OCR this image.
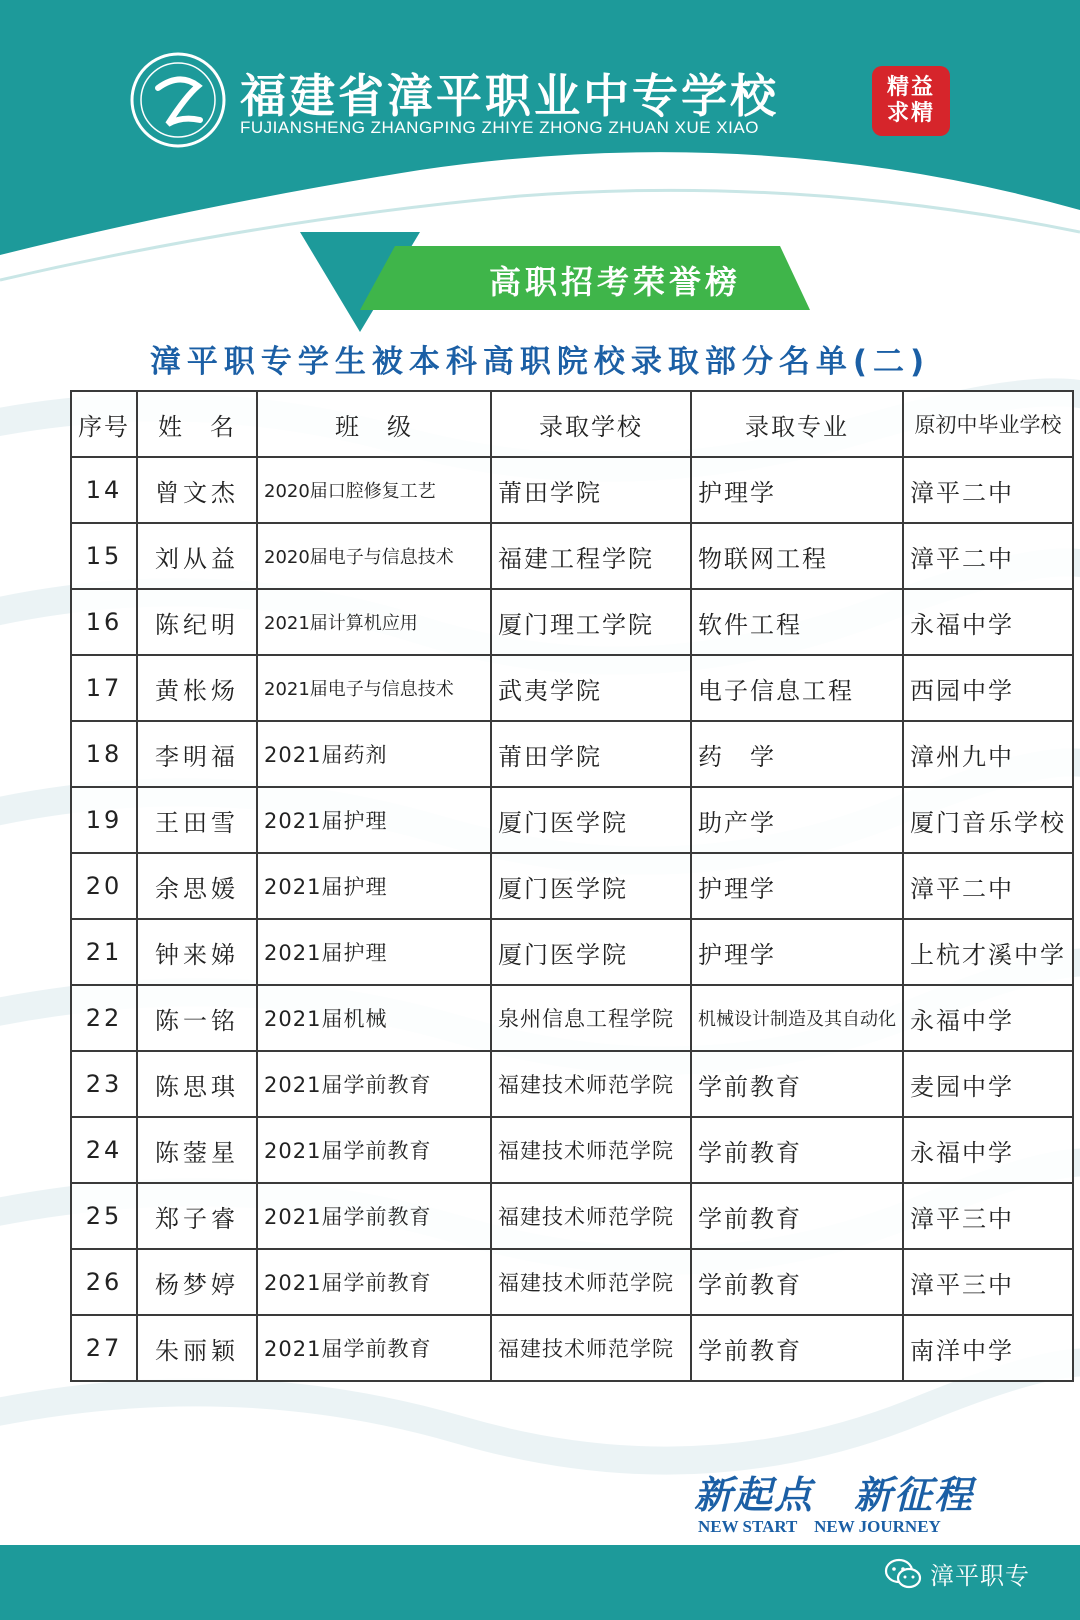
福建省漳平职业中专学校
FUJIANSHENG ZHANGPING ZHIYE ZHONG ZHUAN XUE XIAO
精益
求精
高职招考荣誉榜
漳平职专学生被本科高职院校录取部分名单(二)
序号	姓　名	班　级	录取学校	录取专业	原初中毕业学校
14	曾文杰	2020届口腔修复工艺	莆田学院	护理学	漳平二中
15	刘从益	2020届电子与信息技术	福建工程学院	物联网工程	漳平二中
16	陈纪明	2021届计算机应用	厦门理工学院	软件工程	永福中学
17	黄枨炀	2021届电子与信息技术	武夷学院	电子信息工程	西园中学
18	李明福	2021届药剂	莆田学院	药　学	漳州九中
19	王田雪	2021届护理	厦门医学院	助产学	厦门音乐学校
20	余思媛	2021届护理	厦门医学院	护理学	漳平二中
21	钟来娣	2021届护理	厦门医学院	护理学	上杭才溪中学
22	陈一铭	2021届机械	泉州信息工程学院	机械设计制造及其自动化	永福中学
23	陈思琪	2021届学前教育	福建技术师范学院	学前教育	麦园中学
24	陈蓥星	2021届学前教育	福建技术师范学院	学前教育	永福中学
25	郑子睿	2021届学前教育	福建技术师范学院	学前教育	漳平三中
26	杨梦婷	2021届学前教育	福建技术师范学院	学前教育	漳平三中
27	朱丽颖	2021届学前教育	福建技术师范学院	学前教育	南洋中学
新起点　新征程
NEW START　NEW JOURNEY
漳平职专
